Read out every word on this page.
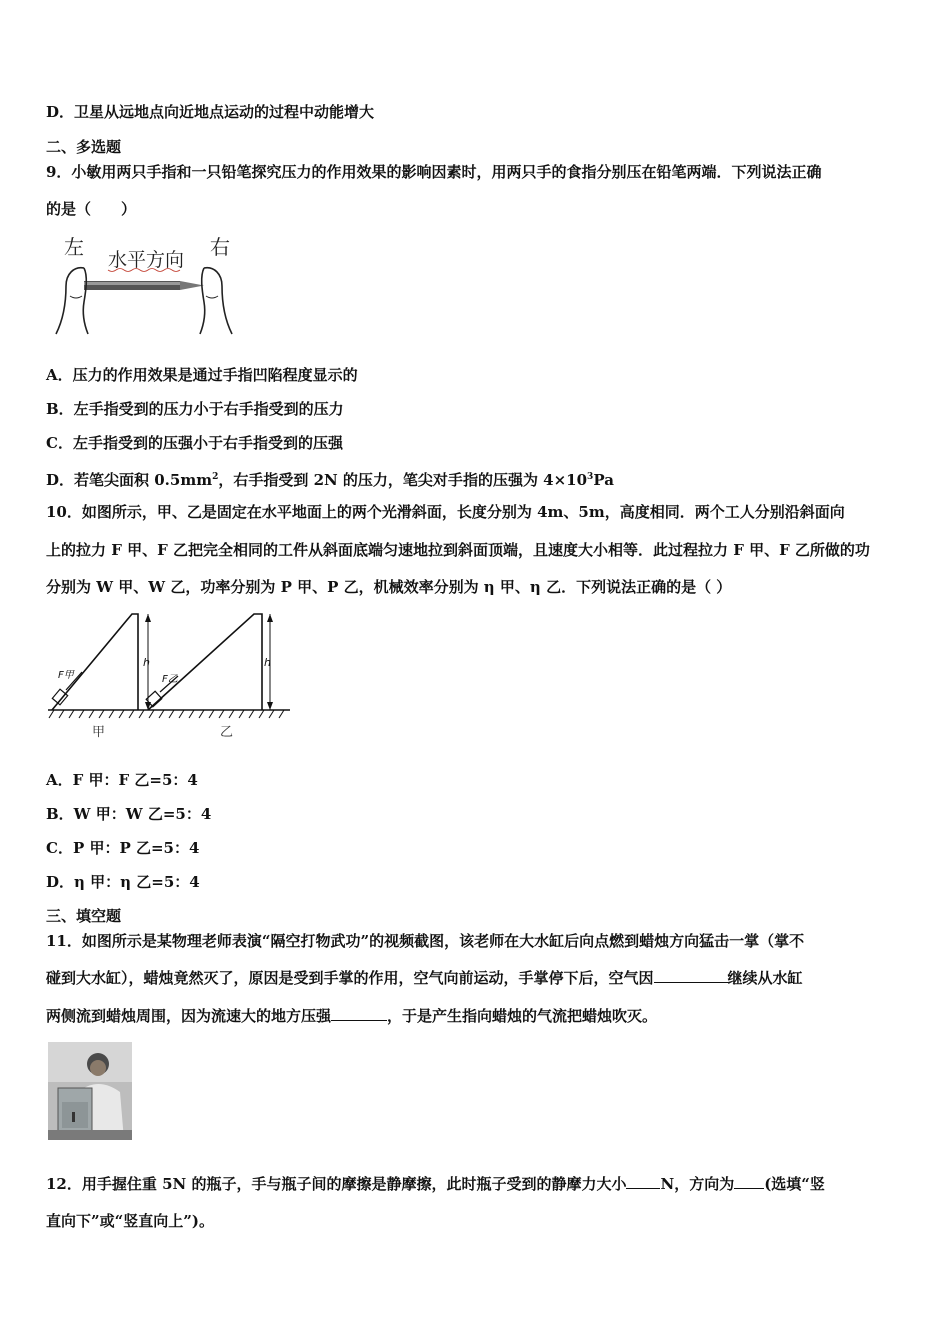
D．卫星从远地点向近地点运动的过程中动能增大
二、多选题
9．小敏用两只手指和一只铅笔探究压力的作用效果的影响因素时，用两只手的食指分别压在铅笔两端．下列说法正确
的是（　　）
左	右
水平方向
A．压力的作用效果是通过手指凹陷程度显示的
B．左手指受到的压力小于右手指受到的压力
C．左手指受到的压强小于右手指受到的压强
D．若笔尖面积 $0.5mm^2$，右手指受到 2N 的压力，笔尖对手指的压强为 $4\times 10^3Pa$
10．如图所示，甲、乙是固定在水平地面上的两个光滑斜面，长度分别为 4m、5m，高度相同．两个工人分别沿斜面向
上的拉力 F 甲、F 乙把完全相同的工件从斜面底端匀速地拉到斜面顶端，且速度大小相等．此过程拉力 F 甲、F 乙所做的功
分别为 W 甲、W 乙，功率分别为 P 甲、P 乙，机械效率分别为 η 甲、η 乙．下列说法正确的是（ ）
h
F甲
h
F乙
甲	乙
A．F 甲：F 乙=5：4
B．W 甲：W 乙=5：4
C．P 甲：P 乙=5：4
D．η 甲：η 乙=5：4
三、填空题
11．如图所示是某物理老师表演“隔空打物武功”的视频截图，该老师在大水缸后向点燃到蜡烛方向猛击一掌（掌不
碰到大水缸），蜡烛竟然灭了，原因是受到手掌的作用，空气向前运动，手掌停下后，空气因	继续从水缸
两侧流到蜡烛周围，因为流速大的地方压强	，于是产生指向蜡烛的气流把蜡烛吹灭。
12．用手握住重 5N 的瓶子，手与瓶子间的摩擦是静摩擦，此时瓶子受到的静摩力大小 N，方向为 (选填“竖
直向下”或“竖直向上”)。
